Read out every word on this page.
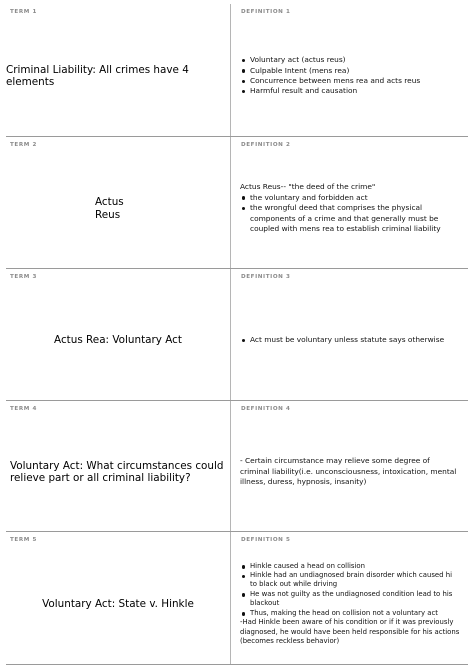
TERM 1
Criminal Liability: All crimes have 4 elements
DEFINITION 1
Voluntary act (actus reus)
Culpable Intent (mens rea)
Concurrence between mens rea and acts reus
Harmful result and causation
TERM 2
Actus
Reus
DEFINITION 2

Actus Reus-- "the deed of the crime"

the voluntary and forbidden act
the wrongful deed that comprises the physical components of a crime and that generally must be coupled with mens rea to establish criminal liability
TERM 3
Actus Rea: Voluntary Act
DEFINITION 3
Act must be voluntary unless statute says otherwise
TERM 4
Voluntary Act: What circumstances could relieve part or all criminal liability?
DEFINITION 4

- Certain circumstance may relieve some degree of criminal liability(i.e. unconsciousness, intoxication, mental illness, duress, hypnosis, insanity)

TERM 5
Voluntary Act: State v. Hinkle
DEFINITION 5
Hinkle caused a head on collision
Hinkle had an undiagnosed brain disorder which caused hi to black out while driving
He was not guilty as the undiagnosed condition lead to his blackout
Thus, making the head on collision not a voluntary act

-Had Hinkle been aware of his condition or if it was previously diagnosed, he would have been held responsible for his actions (becomes reckless behavior)
